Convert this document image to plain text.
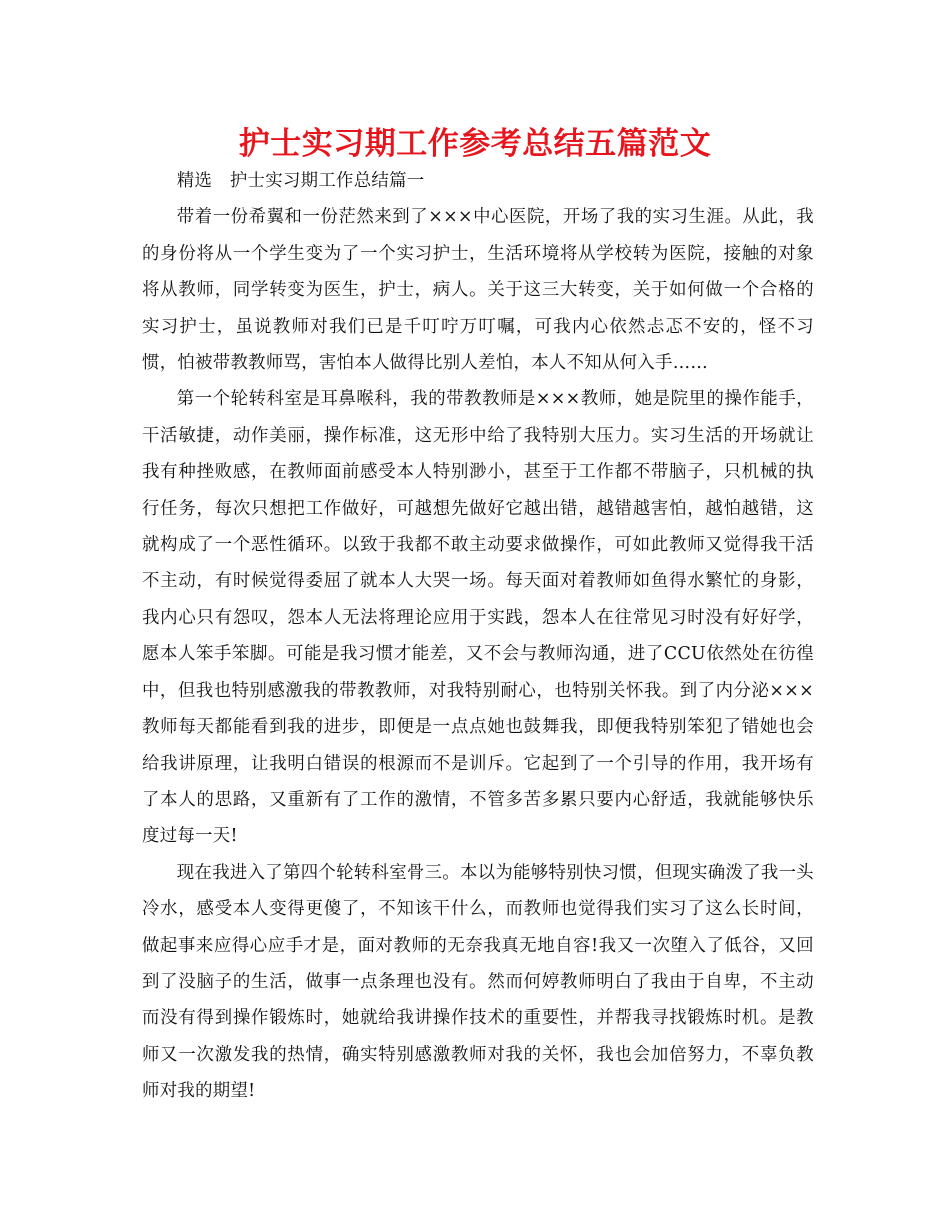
护士实习期工作参考总结五篇范文

精选　护士实习期工作总结篇一

带着一份希翼和一份茫然来到了×××中心医院，开场了我的实习生涯。从此，我的身份将从一个学生变为了一个实习护士，生活环境将从学校转为医院，接触的对象将从教师，同学转变为医生，护士，病人。关于这三大转变，关于如何做一个合格的实习护士，虽说教师对我们已是千叮咛万叮嘱，可我内心依然忐忑不安的，怪不习惯，怕被带教教师骂，害怕本人做得比别人差怕，本人不知从何入手……

第一个轮转科室是耳鼻喉科，我的带教教师是×××教师，她是院里的操作能手，干活敏捷，动作美丽，操作标准，这无形中给了我特别大压力。实习生活的开场就让我有种挫败感，在教师面前感受本人特别渺小，甚至于工作都不带脑子，只机械的执行任务，每次只想把工作做好，可越想先做好它越出错，越错越害怕，越怕越错，这就构成了一个恶性循环。以致于我都不敢主动要求做操作，可如此教师又觉得我干活不主动，有时候觉得委屈了就本人大哭一场。每天面对着教师如鱼得水繁忙的身影，我内心只有怨叹，怨本人无法将理论应用于实践，怨本人在往常见习时没有好好学，愿本人笨手笨脚。可能是我习惯才能差，又不会与教师沟通，进了CCU依然处在彷徨中，但我也特别感激我的带教教师，对我特别耐心，也特别关怀我。到了内分泌×××教师每天都能看到我的进步，即便是一点点她也鼓舞我，即便我特别笨犯了错她也会给我讲原理，让我明白错误的根源而不是训斥。它起到了一个引导的作用，我开场有了本人的思路，又重新有了工作的激情，不管多苦多累只要内心舒适，我就能够快乐度过每一天!

现在我进入了第四个轮转科室骨三。本以为能够特别快习惯，但现实确泼了我一头冷水，感受本人变得更傻了，不知该干什么，而教师也觉得我们实习了这么长时间，做起事来应得心应手才是，面对教师的无奈我真无地自容!我又一次堕入了低谷，又回到了没脑子的生活，做事一点条理也没有。然而何婷教师明白了我由于自卑，不主动而没有得到操作锻炼时，她就给我讲操作技术的重要性，并帮我寻找锻炼时机。是教师又一次激发我的热情，确实特别感激教师对我的关怀，我也会加倍努力，不辜负教师对我的期望!
